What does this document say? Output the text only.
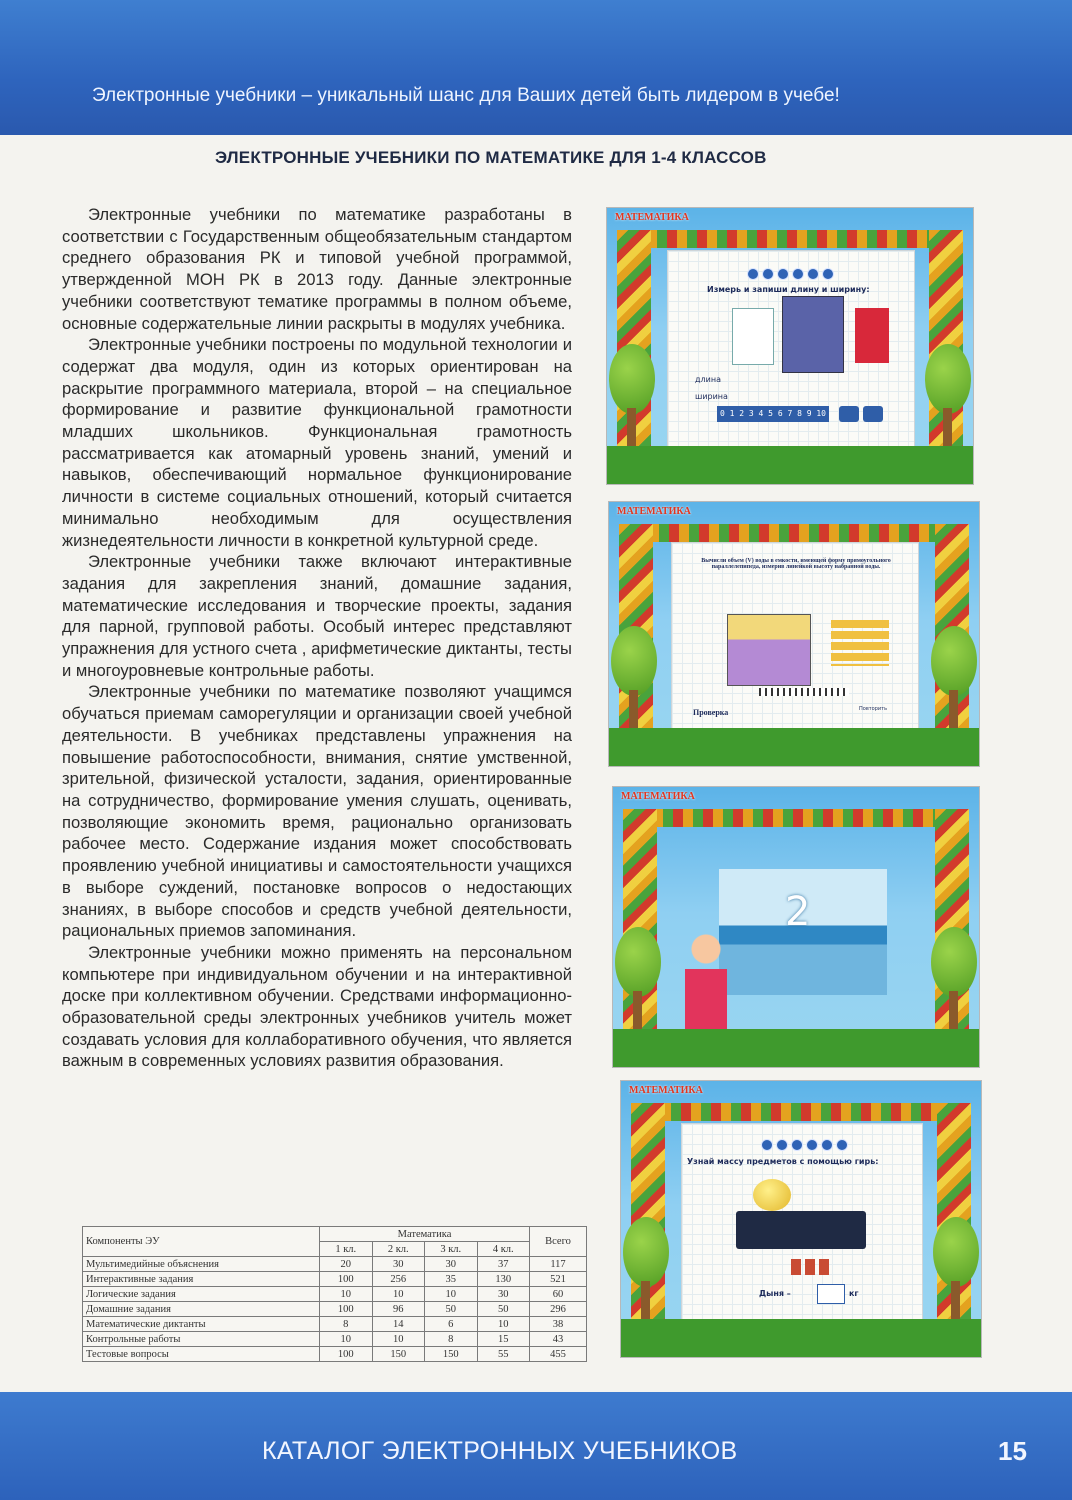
Электронные учебники – уникальный шанс для Ваших детей быть лидером в учебе!
ЭЛЕКТРОННЫЕ УЧЕБНИКИ ПО МАТЕМАТИКЕ ДЛЯ 1-4 КЛАССОВ

Электронные учебники по математике разработаны в соответствии с Государственным общеобязательным стандартом среднего образования РК и типовой учебной программой, утвержденной МОН РК в 2013 году. Данные электронные учебники соответствуют тематике программы в полном объеме, основные содержательные линии раскрыты в модулях учебника.

Электронные учебники построены по модульной технологии и содержат два модуля, один из которых ориентирован на раскрытие программного материала, второй – на специальное формирование и развитие функциональной грамотности младших школьников. Функциональная грамотность рассматривается как атомарный уровень знаний, умений и навыков, обеспечивающий нормальное функционирование личности в системе социальных отношений, который считается минимально необходимым для осуществления жизнедеятельности личности в конкретной культурной среде.

Электронные учебники также включают интерактивные задания для закрепления знаний, домашние задания, математические исследования и творческие проекты, задания для парной, групповой работы. Особый интерес представляют упражнения для устного счета , арифметические диктанты, тесты и многоуровневые контрольные работы.

Электронные учебники по математике позволяют учащимся обучаться приемам саморегуляции и организации своей учебной деятельности. В учебниках представлены упражнения на повышение работоспособности, внимания, снятие умственной, зрительной, физической усталости, задания, ориентированные на сотрудничество, формирование умения слушать, оценивать, позволяющие экономить время, рационально организовать рабочее место. Содержание издания может способствовать проявлению учебной инициативы и самостоятельности учащихся в выборе суждений, постановке вопросов о недостающих знаниях, в выборе способов и средств учебной деятельности, рациональных приемов запоминания.

Электронные учебники можно применять на персональном компьютере при индивидуальном обучении и на интерактивной доске при коллективном обучении. Средствами информационно-образовательной среды электронных учебников учитель может создавать условия для коллаборативного обучения, что является важным в современных условиях развития образования.

Измерь и запиши длину и ширину:
длина
ширина
0 1 2 3 4 5 6 7 8 9 10
МАТЕМАТИКА
Вычисли объем (V) воды в емкости, имеющей форму прямоугольного параллелепипеда, измерив линейкой высоту набранной воды.
Проверка	Повторить
МАТЕМАТИКА
2
МАТЕМАТИКА
Узнай массу предметов с помощью гирь:
Дыня –	кг
МАТЕМАТИКА
Компоненты ЭУ	Математика				Всего
	1 кл.	2 кл.	3 кл.	4 кл.	
Мультимедийные объяснения	20	30	30	37	117
Интерактивные задания	100	256	35	130	521
Логические задания	10	10	10	30	60
Домашние задания	100	96	50	50	296
Математические диктанты	8	14	6	10	38
Контрольные работы	10	10	8	15	43
Тестовые вопросы	100	150	150	55	455
КАТАЛОГ ЭЛЕКТРОННЫХ УЧЕБНИКОВ	15
